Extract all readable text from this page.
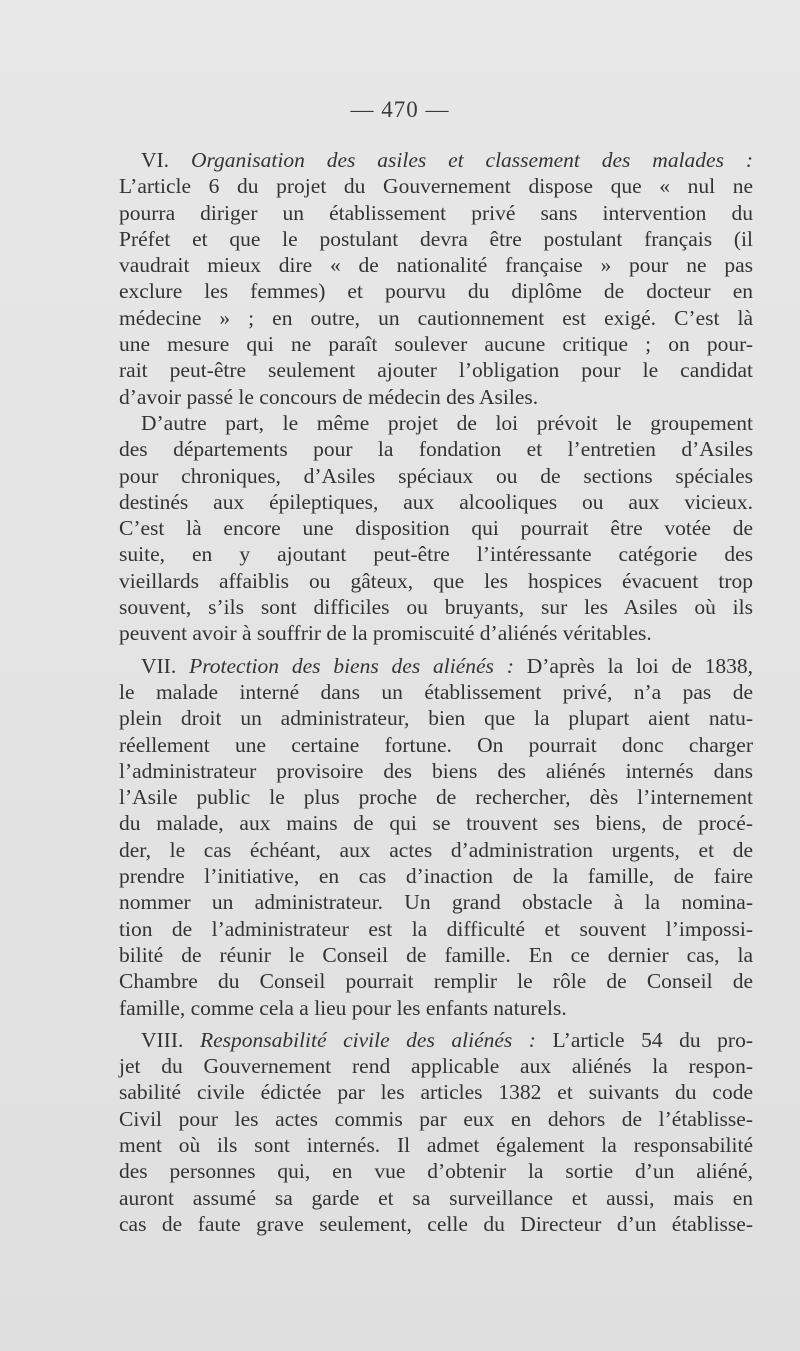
— 470 —
VI. Organisation des asiles et classement des malades :
L’article 6 du projet du Gouvernement dispose que « nul ne
pourra diriger un établissement privé sans intervention du
Préfet et que le postulant devra être postulant français (il
vaudrait mieux dire « de nationalité française » pour ne pas
exclure les femmes) et pourvu du diplôme de docteur en
médecine » ; en outre, un cautionnement est exigé. C’est là
une mesure qui ne paraît soulever aucune critique ; on pour-
rait peut-être seulement ajouter l’obligation pour le candidat
d’avoir passé le concours de médecin des Asiles.
D’autre part, le même projet de loi prévoit le groupement
des départements pour la fondation et l’entretien d’Asiles
pour chroniques, d’Asiles spéciaux ou de sections spéciales
destinés aux épileptiques, aux alcooliques ou aux vicieux.
C’est là encore une disposition qui pourrait être votée de
suite, en y ajoutant peut-être l’intéressante catégorie des
vieillards affaiblis ou gâteux, que les hospices évacuent trop
souvent, s’ils sont difficiles ou bruyants, sur les Asiles où ils
peuvent avoir à souffrir de la promiscuité d’aliénés véritables.
VII. Protection des biens des aliénés : D’après la loi de 1838,
le malade interné dans un établissement privé, n’a pas de
plein droit un administrateur, bien que la plupart aient natu-
réellement une certaine fortune. On pourrait donc charger
l’administrateur provisoire des biens des aliénés internés dans
l’Asile public le plus proche de rechercher, dès l’internement
du malade, aux mains de qui se trouvent ses biens, de procé-
der, le cas échéant, aux actes d’administration urgents, et de
prendre l’initiative, en cas d’inaction de la famille, de faire
nommer un administrateur. Un grand obstacle à la nomina-
tion de l’administrateur est la difficulté et souvent l’impossi-
bilité de réunir le Conseil de famille. En ce dernier cas, la
Chambre du Conseil pourrait remplir le rôle de Conseil de
famille, comme cela a lieu pour les enfants naturels.
VIII. Responsabilité civile des aliénés : L’article 54 du pro-
jet du Gouvernement rend applicable aux aliénés la respon-
sabilité civile édictée par les articles 1382 et suivants du code
Civil pour les actes commis par eux en dehors de l’établisse-
ment où ils sont internés. Il admet également la responsabilité
des personnes qui, en vue d’obtenir la sortie d’un aliéné,
auront assumé sa garde et sa surveillance et aussi, mais en
cas de faute grave seulement, celle du Directeur d’un établisse-
